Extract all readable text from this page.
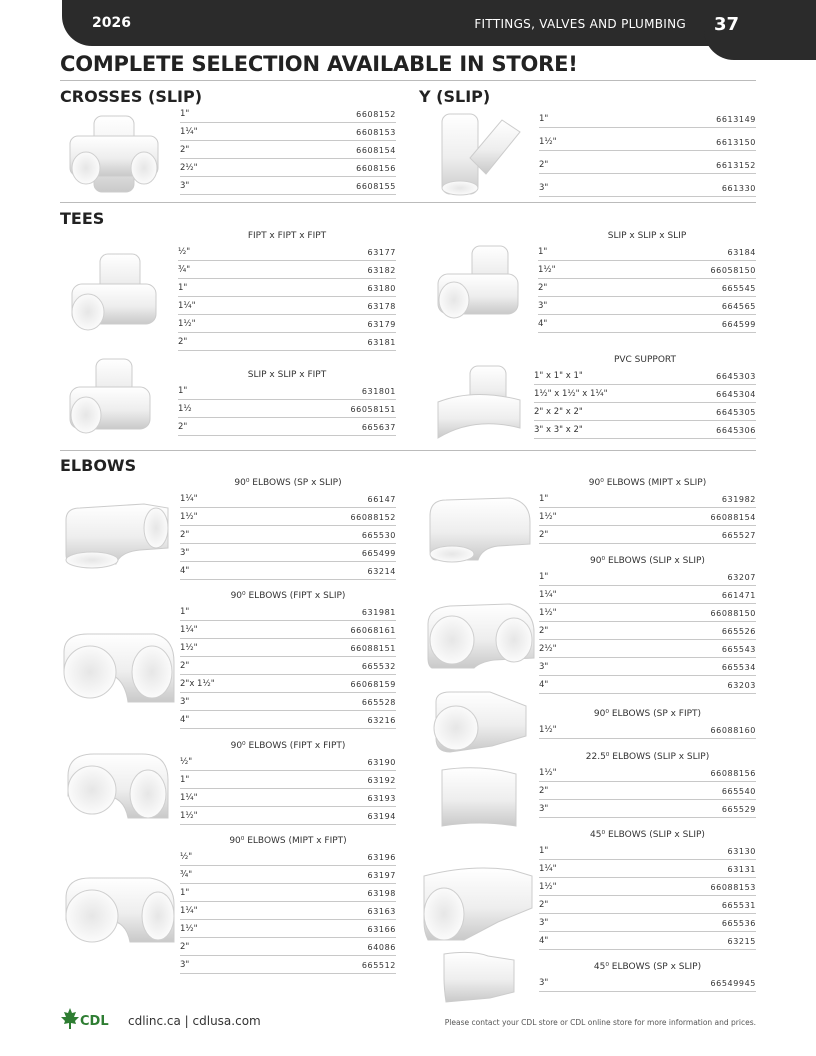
2026	FITTINGS, VALVES AND PLUMBING 37
COMPLETE SELECTION AVAILABLE IN STORE!
CROSSES (SLIP)	Y (SLIP)
TEES
ELBOWS
1"	6608152
1¼"	6608153
2"	6608154
2½"	6608156
3"	6608155
1"	6613149
1½"	6613150
2"	6613152
3"	661330
FIPT x FIPT x FIPT
½"	63177
¾"	63182
1"	63180
1¼"	63178
1½"	63179
2"	63181
SLIP x SLIP x SLIP
1"	63184
1½"	66058150
2"	665545
3"	664565
4"	664599
SLIP x SLIP x FIPT
1"	631801
1½	66058151
2"	665637
PVC SUPPORT
1" x 1" x 1"	6645303
1½" x 1½" x 1¼"	6645304
2" x 2" x 2"	6645305
3" x 3" x 2"	6645306
90⁰ ELBOWS (SP x SLIP)
1¼"	66147
1½"	66088152
2"	665530
3"	665499
4"	63214
90⁰ ELBOWS (FIPT x SLIP)
1"	631981
1¼"	66068161
1½"	66088151
2"	665532
2"x 1½"	66068159
3"	665528
4"	63216
90⁰ ELBOWS (FIPT x FIPT)
½"	63190
1"	63192
1¼"	63193
1½"	63194
90⁰ ELBOWS (MIPT x FIPT)
½"	63196
¾"	63197
1"	63198
1¼"	63163
1½"	63166
2"	64086
3"	665512
90⁰ ELBOWS (MIPT x SLIP)
1"	631982
1½"	66088154
2"	665527
90⁰ ELBOWS (SLIP x SLIP)
1"	63207
1¼"	661471
1½"	66088150
2"	665526
2½"	665543
3"	665534
4"	63203
90⁰ ELBOWS (SP x FIPT)
1½"	66088160
22.5⁰ ELBOWS (SLIP x SLIP)
1½"	66088156
2"	665540
3"	665529
45⁰ ELBOWS (SLIP x SLIP)
1"	63130
1¼"	63131
1½"	66088153
2"	665531
3"	665536
4"	63215
45⁰ ELBOWS (SP x SLIP)
3"	66549945
CDL cdlinc.ca | cdlusa.com	Please contact your CDL store or CDL online store for more information and prices.
